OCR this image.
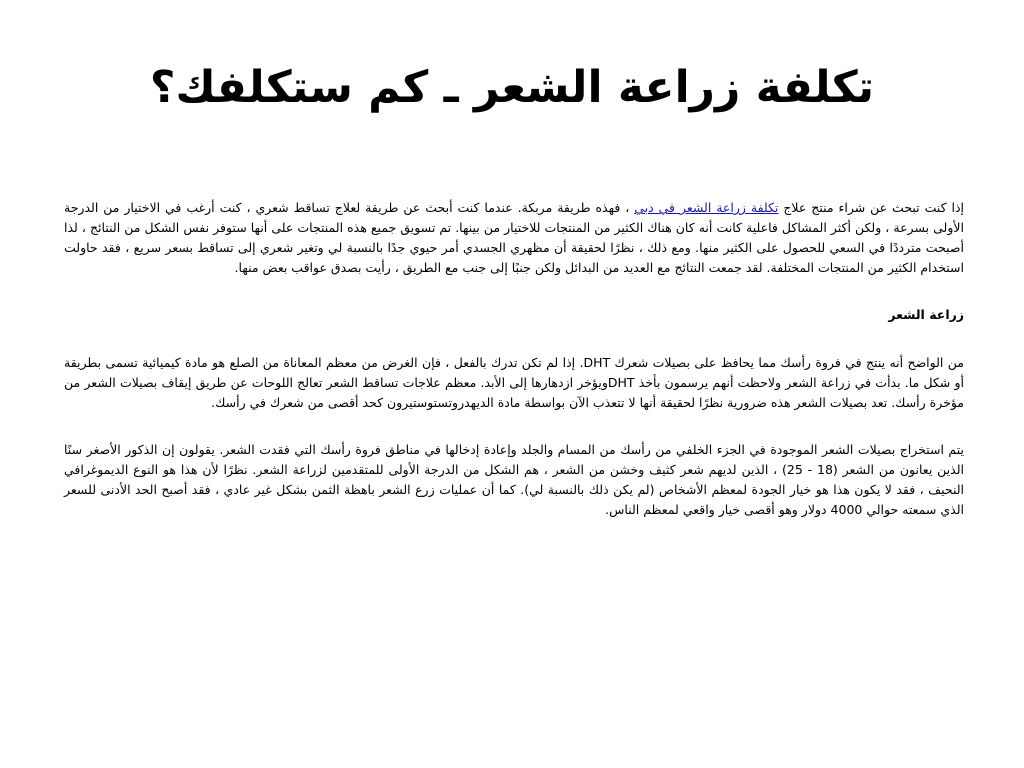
تكلفة زراعة الشعر ـ كم ستكلفك؟

إذا كنت تبحث عن شراء منتج علاج تكلفة زراعة الشعر في دبي ، فهذه طريقة مربكة. عندما كنت أبحث عن طريقة لعلاج تساقط شعري ، كنت أرغب في الاختيار من الدرجة الأولى بسرعة ، ولكن أكثر المشاكل فاعلية كانت أنه كان هناك الكثير من المنتجات للاختيار من بينها. تم تسويق جميع هذه المنتجات على أنها ستوفر نفس الشكل من النتائج ، لذا أصبحت مترددًا في السعي للحصول على الكثير منها. ومع ذلك ، نظرًا لحقيقة أن مظهري الجسدي أمر حيوي جدًا بالنسبة لي وتغير شعري إلى تساقط بسعر سريع ، فقد حاولت استخدام الكثير من المنتجات المختلفة. لقد جمعت النتائج مع العديد من البدائل ولكن جنبًا إلى جنب مع الطريق ، رأيت بصدق عواقب بعض منها.

زراعة الشعر

من الواضح أنه ينتج في فروة رأسك مما يحافظ على بصيلات شعرك DHT. إذا لم تكن تدرك بالفعل ، فإن الغرض من معظم المعاناة من الصلع هو مادة كيميائية تسمى بطريقة أو شكل ما. بدأت في زراعة الشعر ولاحظت أنهم يرسمون بأخذ DHTويؤخر ازدهارها إلى الأبد. معظم علاجات تساقط الشعر تعالج اللوحات عن طريق إيقاف بصيلات الشعر من مؤخرة رأسك. تعد بصيلات الشعر هذه ضرورية نظرًا لحقيقة أنها لا تتعذب الآن بواسطة مادة الديهدروتستوستيرون كحد أقصى من شعرك في رأسك.

يتم استخراج بصيلات الشعر الموجودة في الجزء الخلفي من رأسك من المسام والجلد وإعادة إدخالها في مناطق فروة رأسك التي فقدت الشعر. يقولون إن الذكور الأصغر سنًا الذين يعانون من الشعر (18 - 25) ، الذين لديهم شعر كثيف وخشن من الشعر ، هم الشكل من الدرجة الأولى للمتقدمين لزراعة الشعر. نظرًا لأن هذا هو النوع الديموغرافي النحيف ، فقد لا يكون هذا هو خيار الجودة لمعظم الأشخاص (لم يكن ذلك بالنسبة لي). كما أن عمليات زرع الشعر باهظة الثمن بشكل غير عادي ، فقد أصبح الحد الأدنى للسعر الذي سمعته حوالي 4000 دولار وهو أقصى خيار واقعي لمعظم الناس.
